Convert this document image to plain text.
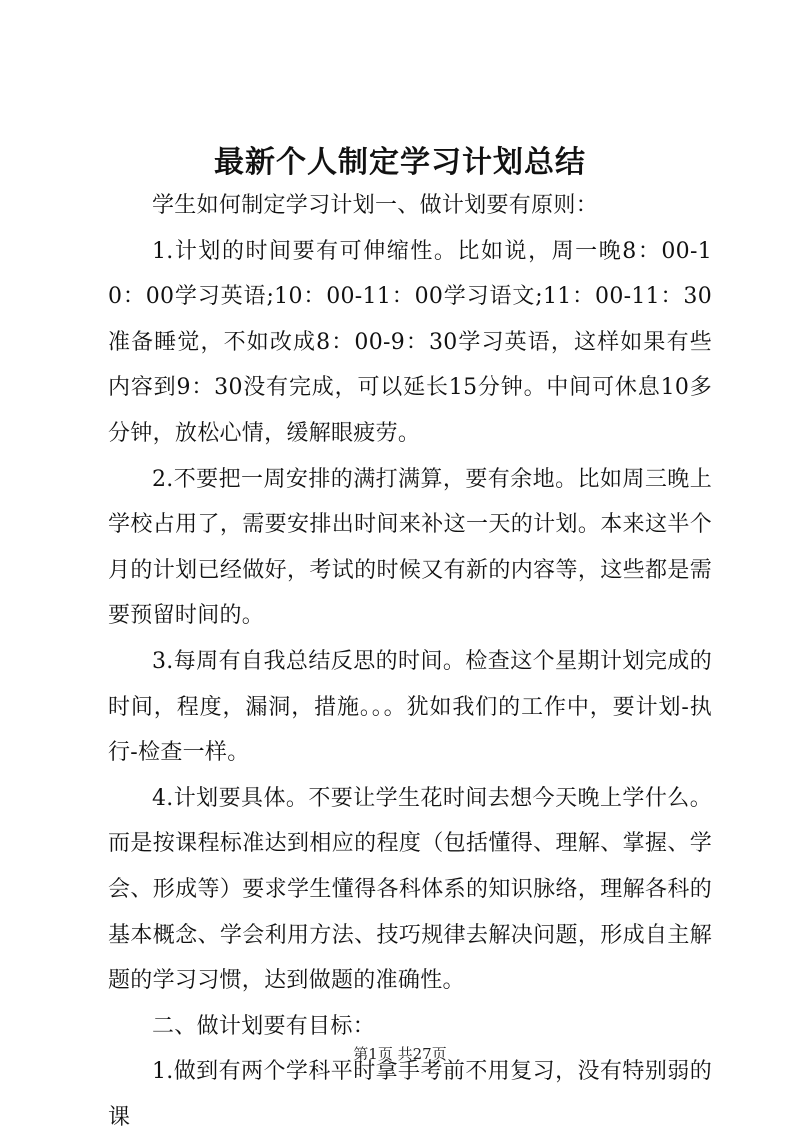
最新个人制定学习计划总结

学生如何制定学习计划一、做计划要有原则：

1.计划的时间要有可伸缩性。比如说，周一晚8：00-10：00学习英语;10：00-11：00学习语文;11：00-11：30准备睡觉，不如改成8：00-9：30学习英语，这样如果有些内容到9：30没有完成，可以延长15分钟。中间可休息10多分钟，放松心情，缓解眼疲劳。

2.不要把一周安排的满打满算，要有余地。比如周三晚上学校占用了，需要安排出时间来补这一天的计划。本来这半个月的计划已经做好，考试的时候又有新的内容等，这些都是需要预留时间的。

3.每周有自我总结反思的时间。检查这个星期计划完成的时间，程度，漏洞，措施。。。犹如我们的工作中，要计划-执行-检查一样。

4.计划要具体。不要让学生花时间去想今天晚上学什么。而是按课程标准达到相应的程度（包括懂得、理解、掌握、学会、形成等）要求学生懂得各科体系的知识脉络，理解各科的基本概念、学会利用方法、技巧规律去解决问题，形成自主解题的学习习惯，达到做题的准确性。

二、做计划要有目标：

1.做到有两个学科平时拿手考前不用复习，没有特别弱的课

第1页 共27页
